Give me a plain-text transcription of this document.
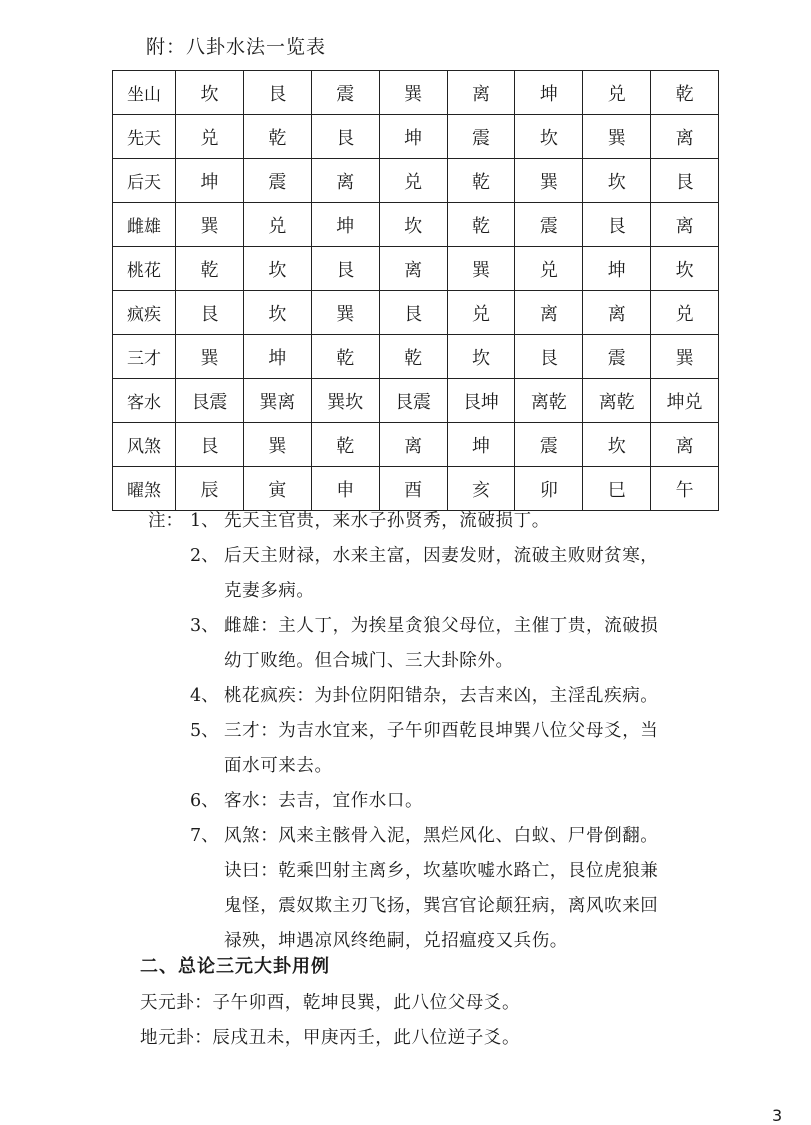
附：八卦水法一览表
坐山	坎	艮	震	巽	离	坤	兑	乾
先天	兑	乾	艮	坤	震	坎	巽	离
后天	坤	震	离	兑	乾	巽	坎	艮
雌雄	巽	兑	坤	坎	乾	震	艮	离
桃花	乾	坎	艮	离	巽	兑	坤	坎
疯疾	艮	坎	巽	艮	兑	离	离	兑
三才	巽	坤	乾	乾	坎	艮	震	巽
客水	艮震	巽离	巽坎	艮震	艮坤	离乾	离乾	坤兑
风煞	艮	巽	乾	离	坤	震	坎	离
曜煞	辰	寅	申	酉	亥	卯	巳	午
注： 1、 先天主官贵，来水子孙贤秀，流破损丁。
2、 后天主财禄，水来主富，因妻发财，流破主败财贫寒，
克妻多病。
3、 雌雄：主人丁，为挨星贪狼父母位，主催丁贵，流破损
幼丁败绝。但合城门、三大卦除外。
4、 桃花疯疾：为卦位阴阳错杂，去吉来凶，主淫乱疾病。
5、 三才：为吉水宜来，子午卯酉乾艮坤巽八位父母爻，当
面水可来去。
6、 客水：去吉，宜作水口。
7、 风煞：风来主骸骨入泥，黑烂风化、白蚁、尸骨倒翻。
诀曰：乾乘凹射主离乡，坎墓吹嘘水路亡，艮位虎狼兼
鬼怪，震奴欺主刃飞扬，巽宫官论颠狂病，离风吹来回
禄殃，坤遇凉风终绝嗣，兑招瘟疫又兵伤。
二、总论三元大卦用例
天元卦：子午卯酉，乾坤艮巽，此八位父母爻。
地元卦：辰戌丑未，甲庚丙壬，此八位逆子爻。
3
